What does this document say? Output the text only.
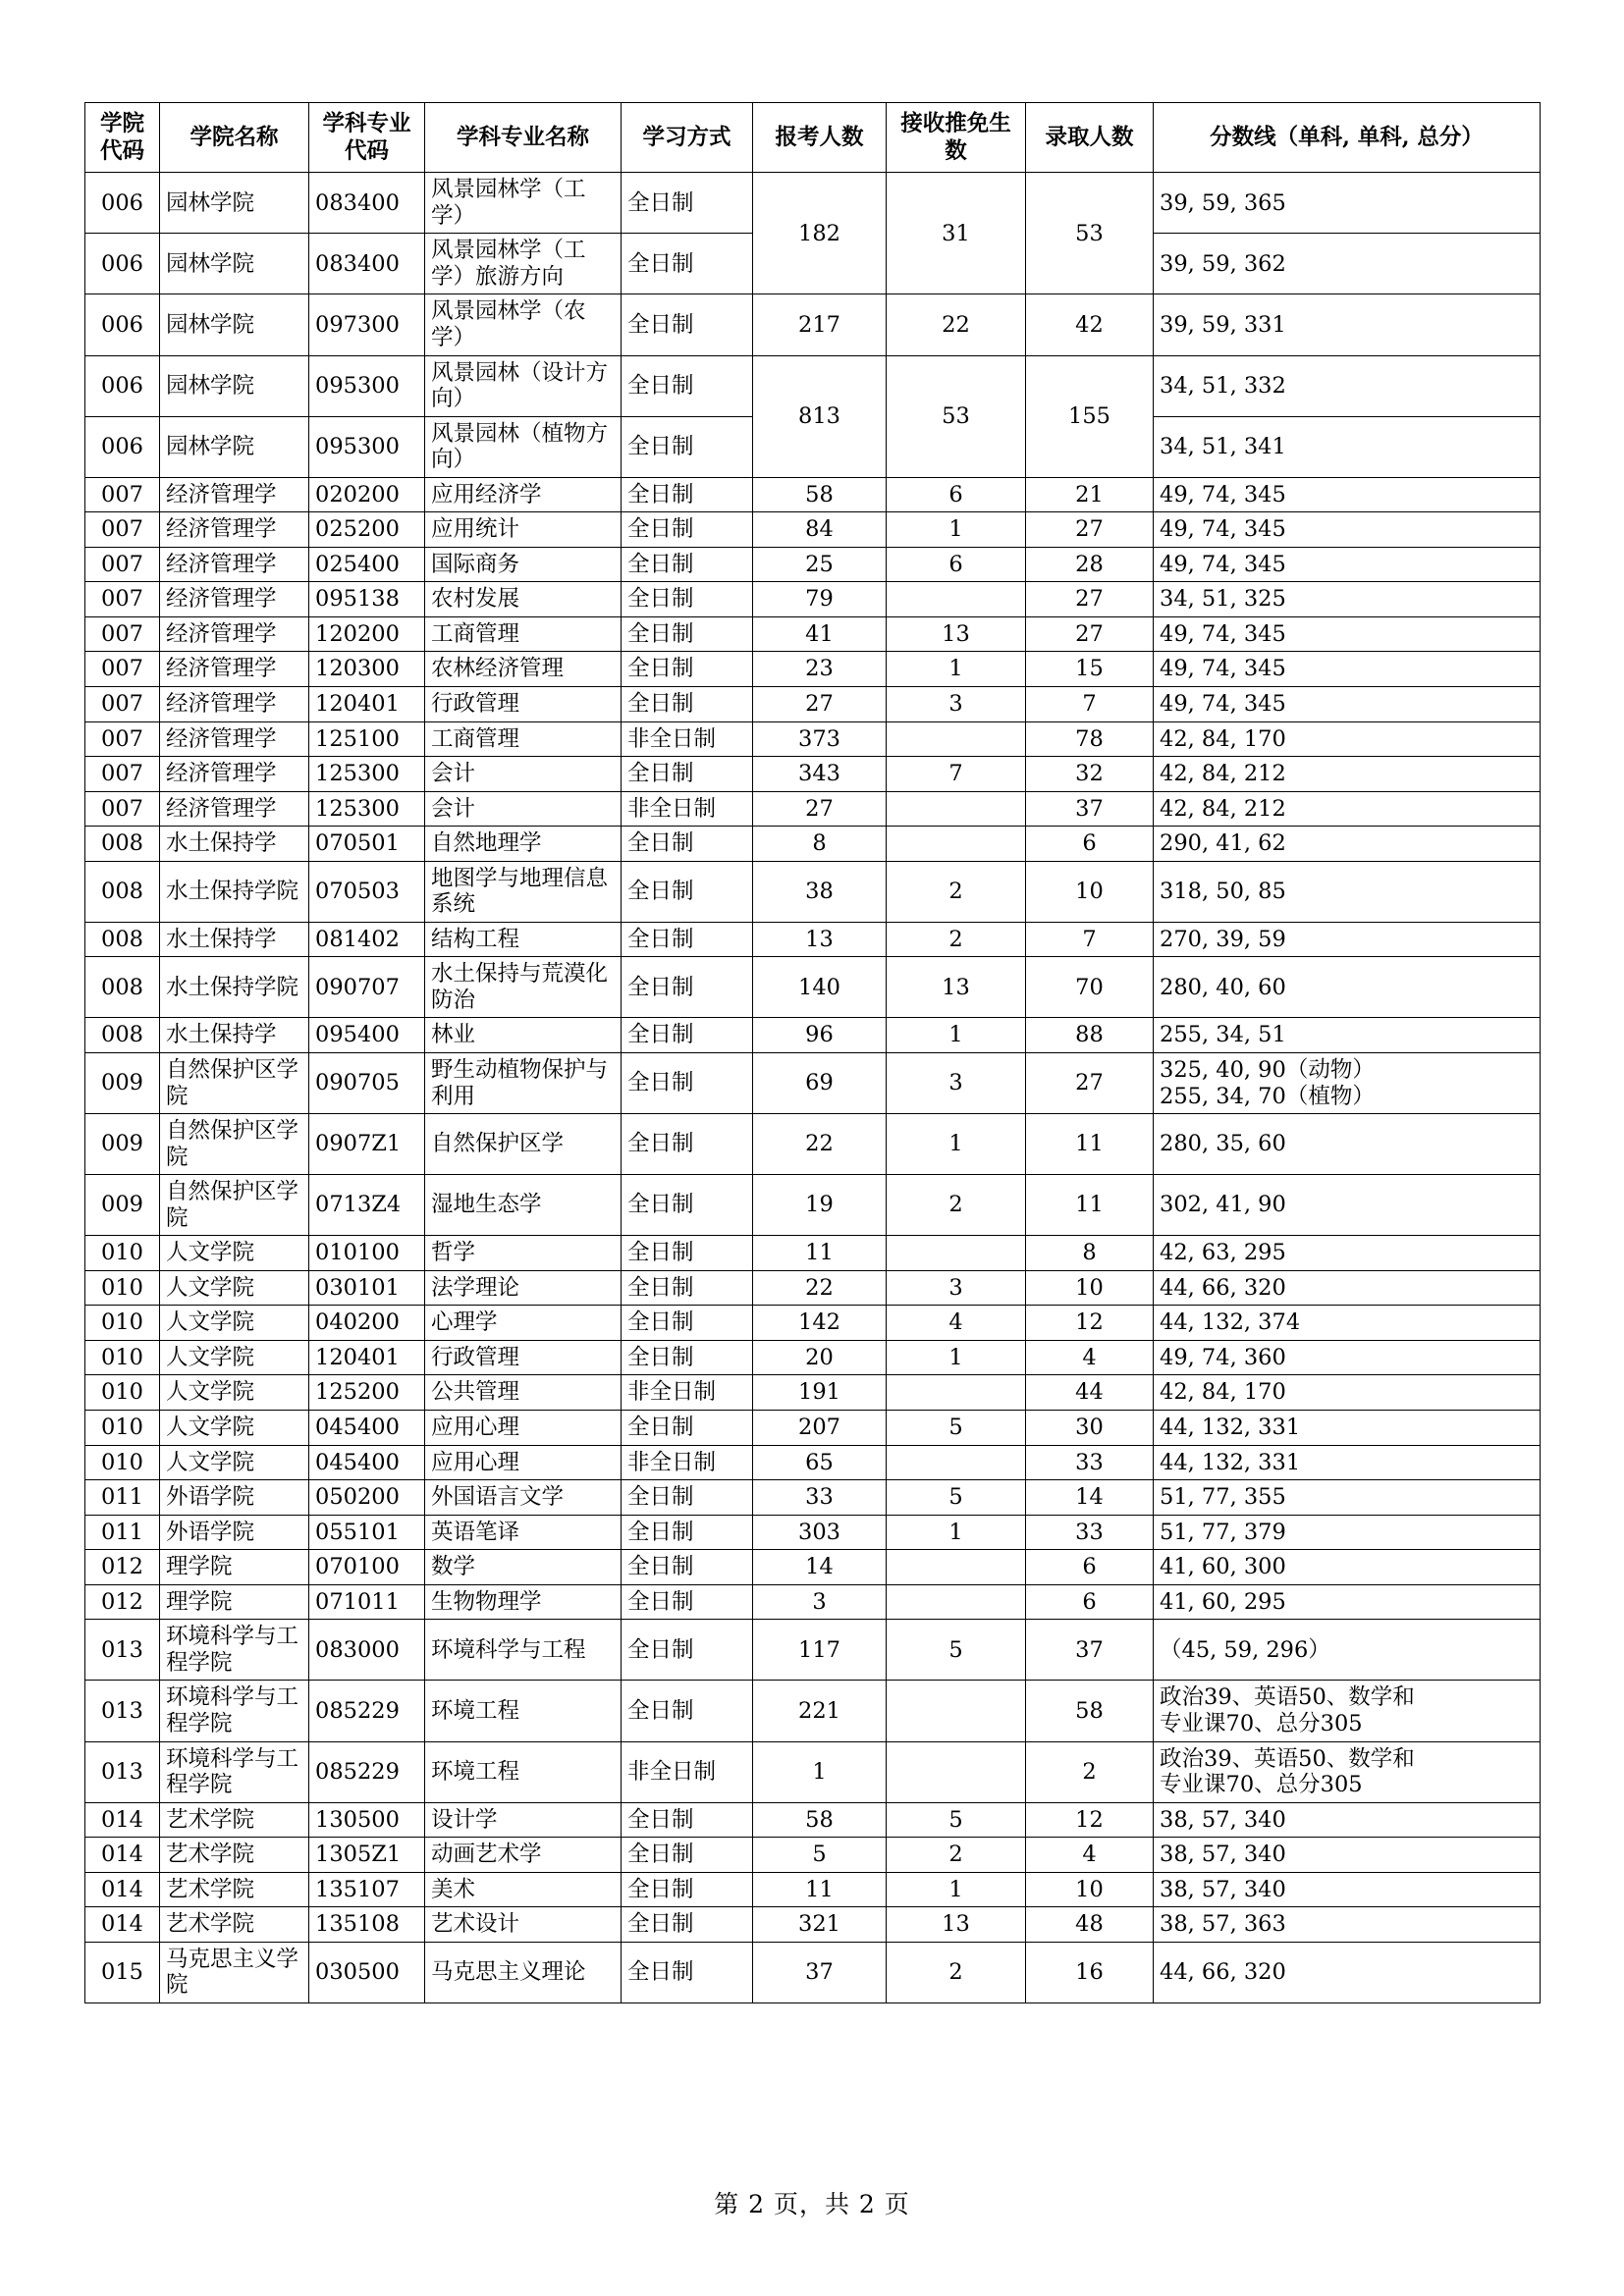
学院代码	学院名称	学科专业代码	学科专业名称	学习方式	报考人数	接收推免生数	录取人数	分数线（单科, 单科, 总分）
006	园林学院	083400	风景园林学（工学）	全日制	182	31	53	39, 59, 365

006	园林学院	083400	风景园林学（工学）旅游方向	全日制				39, 59, 362

006	园林学院	097300	风景园林学（农学）	全日制	217	22	42	39, 59, 331

006	园林学院	095300	风景园林（设计方向）	全日制	813	53	155	34, 51, 332

006	园林学院	095300	风景园林（植物方向）	全日制				34, 51, 341

007	经济管理学	020200	应用经济学	全日制	58	6	21	49, 74, 345

007	经济管理学	025200	应用统计	全日制	84	1	27	49, 74, 345

007	经济管理学	025400	国际商务	全日制	25	6	28	49, 74, 345

007	经济管理学	095138	农村发展	全日制	79		27	34, 51, 325

007	经济管理学	120200	工商管理	全日制	41	13	27	49, 74, 345

007	经济管理学	120300	农林经济管理	全日制	23	1	15	49, 74, 345

007	经济管理学	120401	行政管理	全日制	27	3	7	49, 74, 345

007	经济管理学	125100	工商管理	非全日制	373		78	42, 84, 170

007	经济管理学	125300	会计	全日制	343	7	32	42, 84, 212

007	经济管理学	125300	会计	非全日制	27		37	42, 84, 212

008	水土保持学	070501	自然地理学	全日制	8		6	290, 41, 62

008	水土保持学院	070503	地图学与地理信息系统	全日制	38	2	10	318, 50, 85

008	水土保持学	081402	结构工程	全日制	13	2	7	270, 39, 59

008	水土保持学院	090707	水土保持与荒漠化防治	全日制	140	13	70	280, 40, 60

008	水土保持学	095400	林业	全日制	96	1	88	255, 34, 51

009	自然保护区学院	090705	野生动植物保护与利用	全日制	69	3	27	325, 40, 90（动物）
255, 34, 70（植物）

009	自然保护区学院	0907Z1	自然保护区学	全日制	22	1	11	280, 35, 60

009	自然保护区学院	0713Z4	湿地生态学	全日制	19	2	11	302, 41, 90

010	人文学院	010100	哲学	全日制	11		8	42, 63, 295

010	人文学院	030101	法学理论	全日制	22	3	10	44, 66, 320

010	人文学院	040200	心理学	全日制	142	4	12	44, 132, 374

010	人文学院	120401	行政管理	全日制	20	1	4	49, 74, 360

010	人文学院	125200	公共管理	非全日制	191		44	42, 84, 170

010	人文学院	045400	应用心理	全日制	207	5	30	44, 132, 331

010	人文学院	045400	应用心理	非全日制	65		33	44, 132, 331

011	外语学院	050200	外国语言文学	全日制	33	5	14	51, 77, 355

011	外语学院	055101	英语笔译	全日制	303	1	33	51, 77, 379

012	理学院	070100	数学	全日制	14		6	41, 60, 300

012	理学院	071011	生物物理学	全日制	3		6	41, 60, 295

013	环境科学与工程学院	083000	环境科学与工程	全日制	117	5	37	（45, 59, 296）

013	环境科学与工程学院	085229	环境工程	全日制	221		58	政治39、英语50、数学和
专业课70、总分305

013	环境科学与工程学院	085229	环境工程	非全日制	1		2	政治39、英语50、数学和
专业课70、总分305

014	艺术学院	130500	设计学	全日制	58	5	12	38, 57, 340

014	艺术学院	1305Z1	动画艺术学	全日制	5	2	4	38, 57, 340

014	艺术学院	135107	美术	全日制	11	1	10	38, 57, 340

014	艺术学院	135108	艺术设计	全日制	321	13	48	38, 57, 363

015	马克思主义学院	030500	马克思主义理论	全日制	37	2	16	44, 66, 320
第 2 页，共 2 页
